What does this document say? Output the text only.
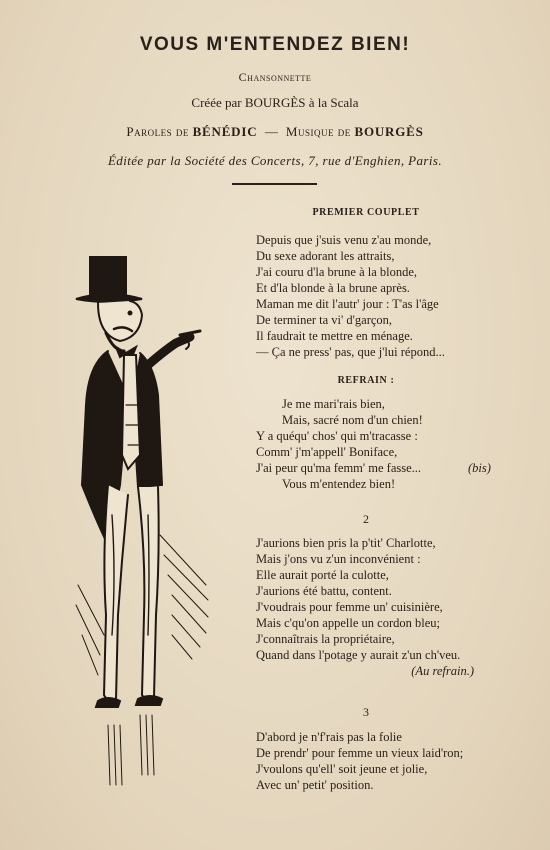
VOUS M'ENTENDEZ BIEN!
Chansonnette
Créée par BOURGÈS à la Scala
Paroles de BÉNÉDIC — Musique de BOURGÈS
Éditée par la Société des Concerts, 7, rue d'Enghien, Paris.
PREMIER COUPLET
Depuis que j'suis venu z'au monde,
Du sexe adorant les attraits,
J'ai couru d'la brune à la blonde,
Et d'la blonde à la brune après.
Maman me dit l'autr' jour : T'as l'âge
De terminer ta vi' d'garçon,
Il faudrait te mettre en ménage.
— Ça ne press' pas, que j'lui répond...
REFRAIN :
Je me mari'rais bien,
Mais, sacré nom d'un chien!
Y a quéqu' chos' qui m'tracasse :
Comm' j'm'appell' Boniface,
J'ai peur qu'ma femm' me fasse...	(bis)
Vous m'entendez bien!
2
J'aurions bien pris la p'tit' Charlotte,
Mais j'ons vu z'un inconvénient :
Elle aurait porté la culotte,
J'aurions été battu, content.
J'voudrais pour femme un' cuisinière,
Mais c'qu'on appelle un cordon bleu;
J'connaîtrais la propriétaire,
Quand dans l'potage y aurait z'un ch'veu.
(Au refrain.)
3
D'abord je n'f'rais pas la folie
De prendr' pour femme un vieux laid'ron;
J'voulons qu'ell' soit jeune et jolie,
Avec un' petit' position.
